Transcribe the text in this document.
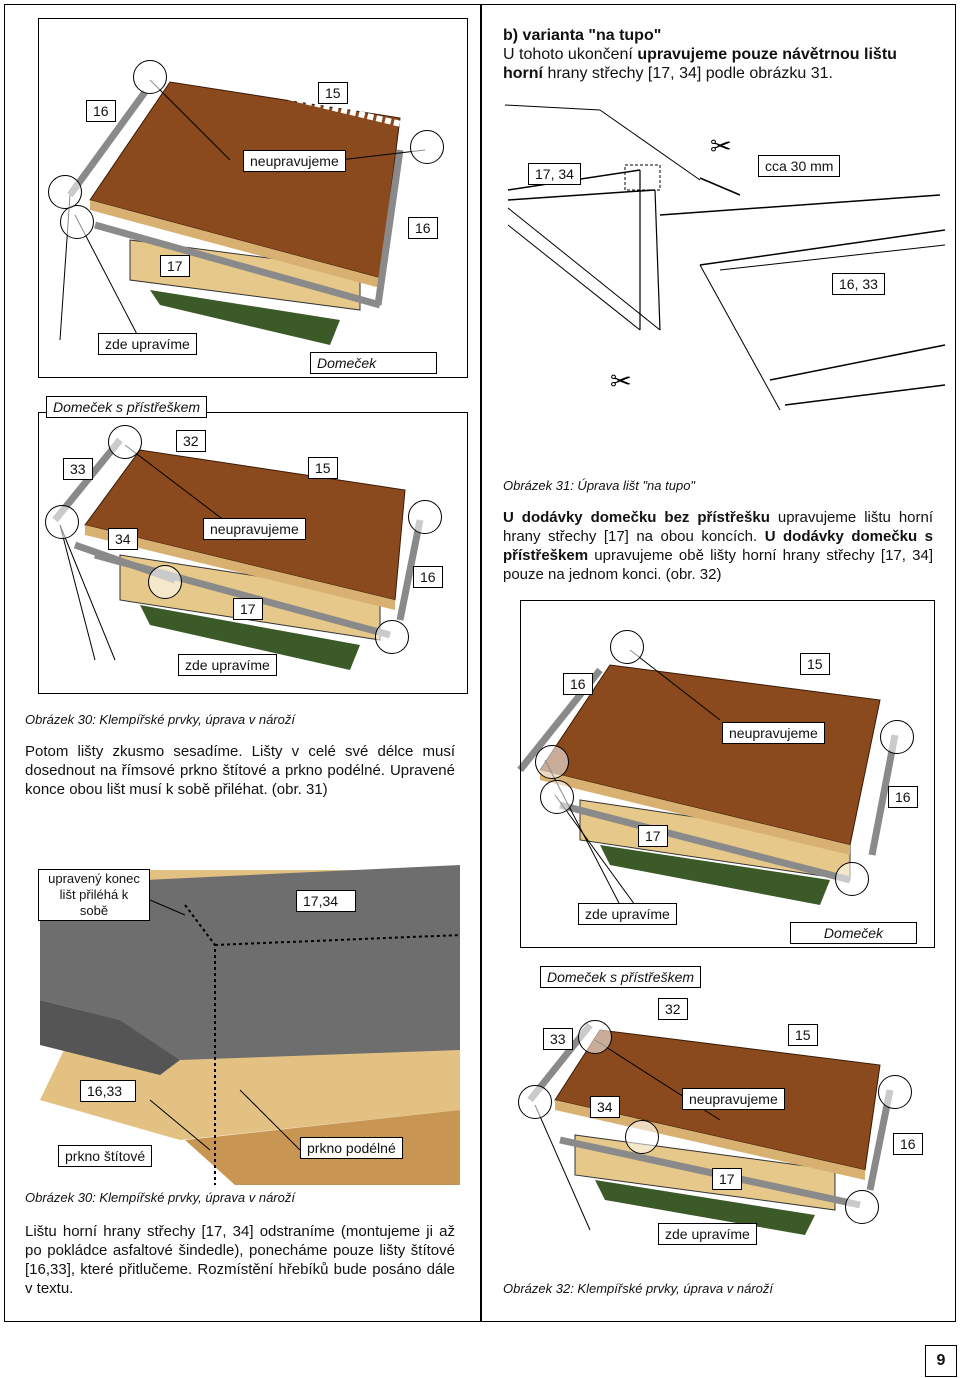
✂
✂
16
15
neupravujeme
16
17
zde upravíme
Domeček
b) varianta "na tupo"
U tohoto ukončení upravujeme pouze návětrnou lištu horní hrany střechy [17, 34] podle obrázku 31.
17, 34	cca 30 mm
16, 33
Obrázek 31: Úprava lišt "na tupo"
Domeček s přístřeškem
32
33	15
34
neupravujeme
16
17
zde upravíme
Obrázek 30: Klempířské prvky, úprava v nároží
U dodávky domečku bez přístřešku upravujeme lištu horní hrany střechy [17] na obou koncích. U dodávky domečku s přístřeškem upravujeme obě lišty horní hrany střechy [17, 34] pouze na jednom konci. (obr. 32)
16
15
neupravujeme
16
17
zde upravíme
Domeček
Potom lišty zkusmo sesadíme. Lišty v celé své délce musí dosednout na římsové prkno štítové a prkno podélné. Upravené konce obou lišt musí k sobě přiléhat. (obr. 31)
upravený konec lišt přiléhá k sobě
17,34
16,33
prkno štítové	prkno podélné
Obrázek 30: Klempířské prvky, úprava v nároží
Domeček s přístřeškem
32
33	15
34	neupravujeme
16
17
zde upravíme
Obrázek 32: Klempířské prvky, úprava v nároží
Lištu horní hrany střechy [17, 34] odstraníme (montujeme ji až po pokládce asfaltové šindedle), ponecháme pouze lišty štítové [16,33], které přitlučeme. Rozmístění hřebíků bude posáno dále v textu.
9
